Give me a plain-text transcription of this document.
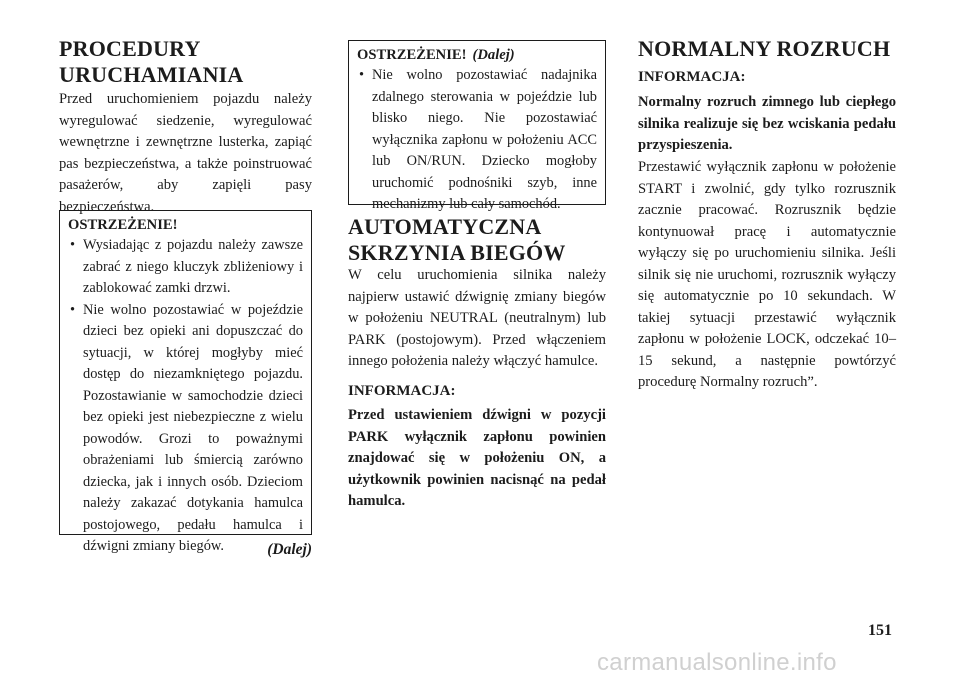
PROCEDURY URUCHAMIANIA

Przed uruchomieniem pojazdu należy wyregulować siedzenie, wyregulować wewnętrzne i zewnętrzne lusterka, zapiąć pas bezpieczeństwa, a także poinstruować pasażerów, aby zapięli pasy bezpieczeństwa.

OSTRZEŻENIE!
• Wysiadając z pojazdu należy zawsze zabrać z niego kluczyk zbliżeniowy i zablokować zamki drzwi.
• Nie wolno pozostawiać w pojeździe dzieci bez opieki ani dopuszczać do sytuacji, w której mogłyby mieć dostęp do niezamkniętego pojazdu. Pozostawianie w samochodzie dzieci bez opieki jest niebezpieczne z wielu powodów. Grozi to poważnymi obrażeniami lub śmiercią zarówno dziecka, jak i innych osób. Dzieciom należy zakazać dotykania hamulca postojowego, pedału hamulca i dźwigni zmiany biegów.	(Dalej)
OSTRZEŻENIE! (Dalej)
• Nie wolno pozostawiać nadajnika zdalnego sterowania w pojeździe lub blisko niego. Nie pozostawiać wyłącznika zapłonu w położeniu ACC lub ON/RUN. Dziecko mogłoby uruchomić podnośniki szyb, inne mechanizmy lub cały samochód.
AUTOMATYCZNA SKRZYNIA BIEGÓW

W celu uruchomienia silnika należy najpierw ustawić dźwignię zmiany biegów w położeniu NEUTRAL (neutralnym) lub PARK (postojowym). Przed włączeniem innego położenia należy włączyć hamulce.

INFORMACJA:

Przed ustawieniem dźwigni w pozycji PARK wyłącznik zapłonu powinien znajdować się w położeniu ON, a użytkownik powinien nacisnąć na pedał hamulca.

NORMALNY ROZRUCH
INFORMACJA:

Normalny rozruch zimnego lub ciepłego silnika realizuje się bez wciskania pedału przyspieszenia.

Przestawić wyłącznik zapłonu w położenie START i zwolnić, gdy tylko rozrusznik zacznie pracować. Rozrusznik będzie kontynuował pracę i automatycznie wyłączy się po uruchomieniu silnika. Jeśli silnik się nie uruchomi, rozrusznik wyłączy się automatycznie po 10 sekundach. W takiej sytuacji przestawić wyłącznik zapłonu w położenie LOCK, odczekać 10–15 sekund, a następnie powtórzyć procedurę Normalny rozruch”.

151
carmanualsonline.info
